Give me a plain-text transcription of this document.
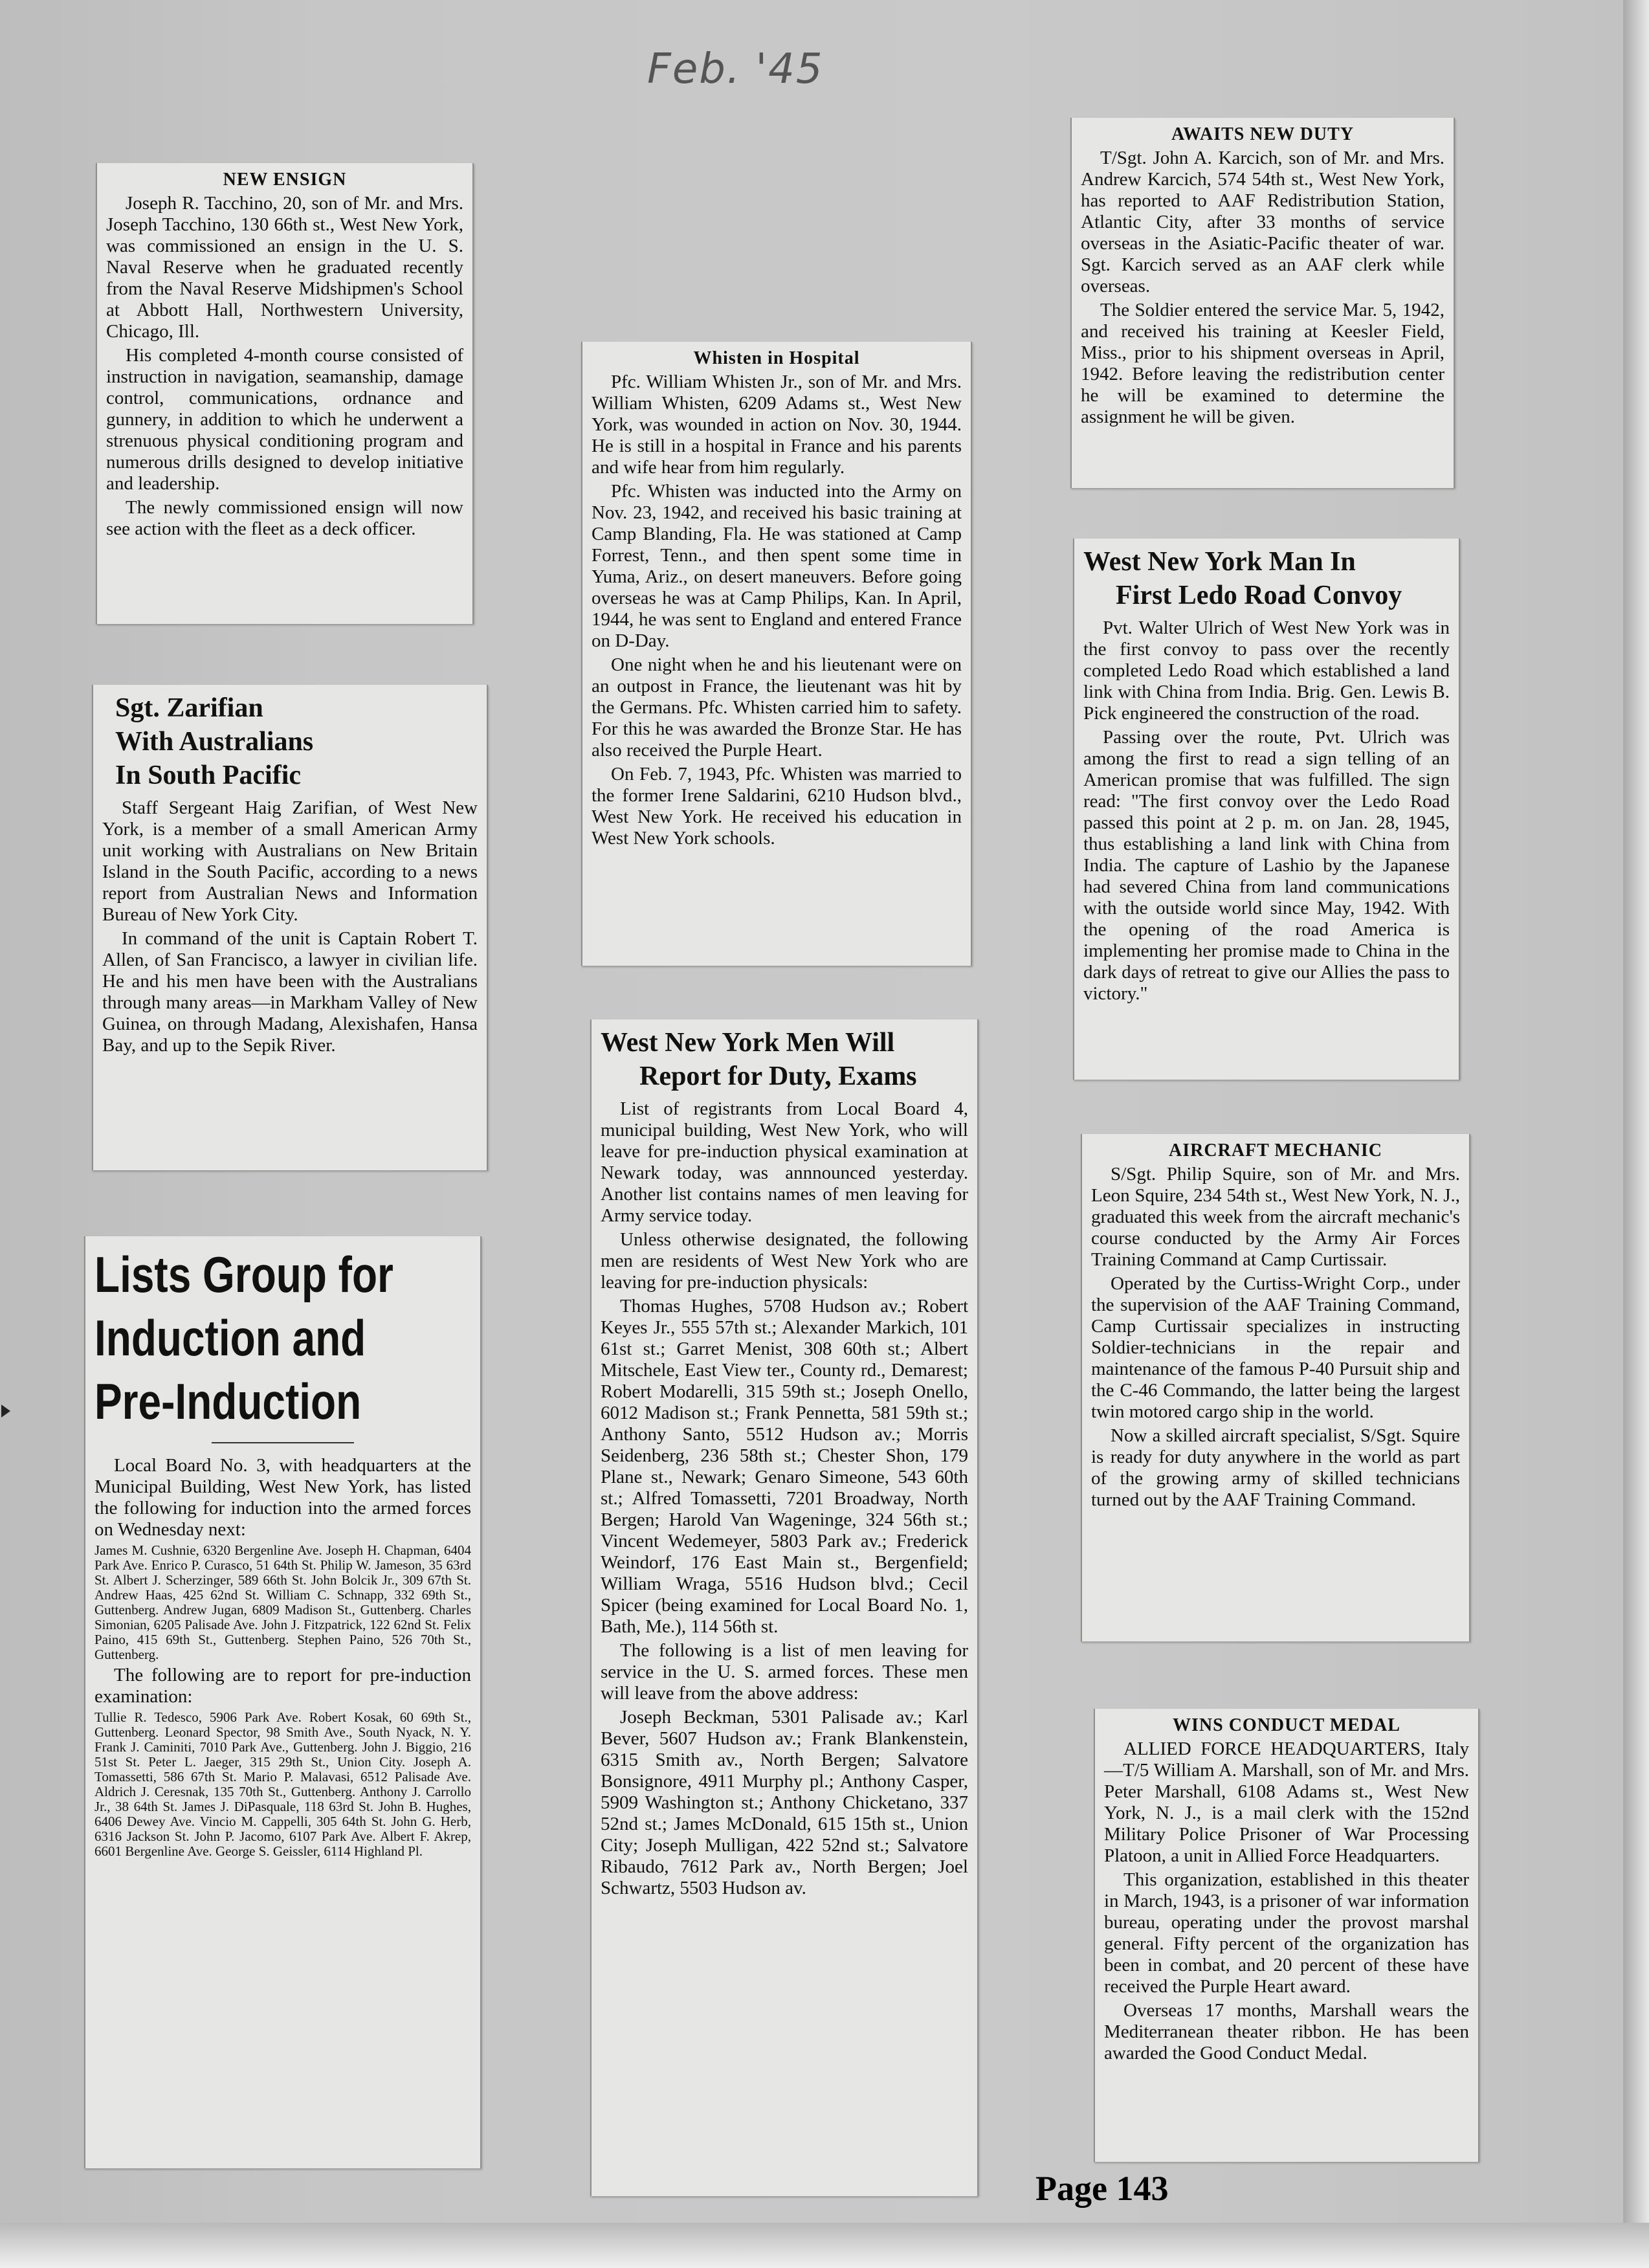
Feb. '45
NEW ENSIGN

Joseph R. Tacchino, 20, son of Mr. and Mrs. Joseph Tacchino, 130 66th st., West New York, was commissioned an ensign in the U. S. Naval Reserve when he graduated recently from the Naval Reserve Midshipmen's School at Abbott Hall, Northwestern University, Chicago, Ill.

His completed 4-month course consisted of instruction in navigation, seamanship, damage control, communications, ordnance and gunnery, in addition to which he underwent a strenuous physical conditioning program and numerous drills designed to develop initiative and leadership.

The newly commissioned ensign will now see action with the fleet as a deck officer.

Sgt. Zarifian
With Australians
In South Pacific

Staff Sergeant Haig Zarifian, of West New York, is a member of a small American Army unit working with Australians on New Britain Island in the South Pacific, according to a news report from Australian News and Information Bureau of New York City.

In command of the unit is Captain Robert T. Allen, of San Francisco, a lawyer in civilian life. He and his men have been with the Australians through many areas—in Markham Valley of New Guinea, on through Madang, Alexishafen, Hansa Bay, and up to the Sepik River.

Lists Group for
Induction and
Pre-Induction

Local Board No. 3, with headquarters at the Municipal Building, West New York, has listed the following for induction into the armed forces on Wednesday next:

James M. Cushnie, 6320 Bergenline Ave. Joseph H. Chapman, 6404 Park Ave. Enrico P. Curasco, 51 64th St. Philip W. Jameson, 35 63rd St. Albert J. Scherzinger, 589 66th St. John Bolcik Jr., 309 67th St. Andrew Haas, 425 62nd St. William C. Schnapp, 332 69th St., Guttenberg. Andrew Jugan, 6809 Madison St., Guttenberg. Charles Simonian, 6205 Palisade Ave. John J. Fitzpatrick, 122 62nd St. Felix Paino, 415 69th St., Guttenberg. Stephen Paino, 526 70th St., Guttenberg.

The following are to report for pre-induction examination:

Tullie R. Tedesco, 5906 Park Ave. Robert Kosak, 60 69th St., Guttenberg. Leonard Spector, 98 Smith Ave., South Nyack, N. Y. Frank J. Caminiti, 7010 Park Ave., Guttenberg. John J. Biggio, 216 51st St. Peter L. Jaeger, 315 29th St., Union City. Joseph A. Tomassetti, 586 67th St. Mario P. Malavasi, 6512 Palisade Ave. Aldrich J. Ceresnak, 135 70th St., Guttenberg. Anthony J. Carrollo Jr., 38 64th St. James J. DiPasquale, 118 63rd St. John B. Hughes, 6406 Dewey Ave. Vincio M. Cappelli, 305 64th St. John G. Herb, 6316 Jackson St. John P. Jacomo, 6107 Park Ave. Albert F. Akrep, 6601 Bergenline Ave. George S. Geissler, 6114 Highland Pl.

Whisten in Hospital

Pfc. William Whisten Jr., son of Mr. and Mrs. William Whisten, 6209 Adams st., West New York, was wounded in action on Nov. 30, 1944. He is still in a hospital in France and his parents and wife hear from him regularly.

Pfc. Whisten was inducted into the Army on Nov. 23, 1942, and received his basic training at Camp Blanding, Fla. He was stationed at Camp Forrest, Tenn., and then spent some time in Yuma, Ariz., on desert maneuvers. Before going overseas he was at Camp Philips, Kan. In April, 1944, he was sent to England and entered France on D-Day.

One night when he and his lieutenant were on an outpost in France, the lieutenant was hit by the Germans. Pfc. Whisten carried him to safety. For this he was awarded the Bronze Star. He has also received the Purple Heart.

On Feb. 7, 1943, Pfc. Whisten was married to the former Irene Saldarini, 6210 Hudson blvd., West New York. He received his education in West New York schools.

West New York Men Will
Report for Duty, Exams

List of registrants from Local Board 4, municipal building, West New York, who will leave for pre-induction physical examination at Newark today, was annnounced yesterday. Another list contains names of men leaving for Army service today.

Unless otherwise designated, the following men are residents of West New York who are leaving for pre-induction physicals:

Thomas Hughes, 5708 Hudson av.; Robert Keyes Jr., 555 57th st.; Alexander Markich, 101 61st st.; Garret Menist, 308 60th st.; Albert Mitschele, East View ter., County rd., Demarest; Robert Modarelli, 315 59th st.; Joseph Onello, 6012 Madison st.; Frank Pennetta, 581 59th st.; Anthony Santo, 5512 Hudson av.; Morris Seidenberg, 236 58th st.; Chester Shon, 179 Plane st., Newark; Genaro Simeone, 543 60th st.; Alfred Tomassetti, 7201 Broadway, North Bergen; Harold Van Wageninge, 324 56th st.; Vincent Wedemeyer, 5803 Park av.; Frederick Weindorf, 176 East Main st., Bergenfield; William Wraga, 5516 Hudson blvd.; Cecil Spicer (being examined for Local Board No. 1, Bath, Me.), 114 56th st.

The following is a list of men leaving for service in the U. S. armed forces. These men will leave from the above address:

Joseph Beckman, 5301 Palisade av.; Karl Bever, 5607 Hudson av.; Frank Blankenstein, 6315 Smith av., North Bergen; Salvatore Bonsignore, 4911 Murphy pl.; Anthony Casper, 5909 Washington st.; Anthony Chicketano, 337 52nd st.; James McDonald, 615 15th st., Union City; Joseph Mulligan, 422 52nd st.; Salvatore Ribaudo, 7612 Park av., North Bergen; Joel Schwartz, 5503 Hudson av.

AWAITS NEW DUTY

T/Sgt. John A. Karcich, son of Mr. and Mrs. Andrew Karcich, 574 54th st., West New York, has reported to AAF Redistribution Station, Atlantic City, after 33 months of service overseas in the Asiatic-Pacific theater of war. Sgt. Karcich served as an AAF clerk while overseas.

The Soldier entered the service Mar. 5, 1942, and received his training at Keesler Field, Miss., prior to his shipment overseas in April, 1942. Before leaving the redistribution center he will be examined to determine the assignment he will be given.

West New York Man In
First Ledo Road Convoy

Pvt. Walter Ulrich of West New York was in the first convoy to pass over the recently completed Ledo Road which established a land link with China from India. Brig. Gen. Lewis B. Pick engineered the construction of the road.

Passing over the route, Pvt. Ulrich was among the first to read a sign telling of an American promise that was fulfilled. The sign read: "The first convoy over the Ledo Road passed this point at 2 p. m. on Jan. 28, 1945, thus establishing a land link with China from India. The capture of Lashio by the Japanese had severed China from land communications with the outside world since May, 1942. With the opening of the road America is implementing her promise made to China in the dark days of retreat to give our Allies the pass to victory."

AIRCRAFT MECHANIC

S/Sgt. Philip Squire, son of Mr. and Mrs. Leon Squire, 234 54th st., West New York, N. J., graduated this week from the aircraft mechanic's course conducted by the Army Air Forces Training Command at Camp Curtissair.

Operated by the Curtiss-Wright Corp., under the supervision of the AAF Training Command, Camp Curtissair specializes in instructing Soldier-technicians in the repair and maintenance of the famous P-40 Pursuit ship and the C-46 Commando, the latter being the largest twin motored cargo ship in the world.

Now a skilled aircraft specialist, S/Sgt. Squire is ready for duty anywhere in the world as part of the growing army of skilled technicians turned out by the AAF Training Command.

WINS CONDUCT MEDAL

ALLIED FORCE HEADQUARTERS, Italy—T/5 William A. Marshall, son of Mr. and Mrs. Peter Marshall, 6108 Adams st., West New York, N. J., is a mail clerk with the 152nd Military Police Prisoner of War Processing Platoon, a unit in Allied Force Headquarters.

This organization, established in this theater in March, 1943, is a prisoner of war information bureau, operating under the provost marshal general. Fifty percent of the organization has been in combat, and 20 percent of these have received the Purple Heart award.

Overseas 17 months, Marshall wears the Mediterranean theater ribbon. He has been awarded the Good Conduct Medal.

Page 143
